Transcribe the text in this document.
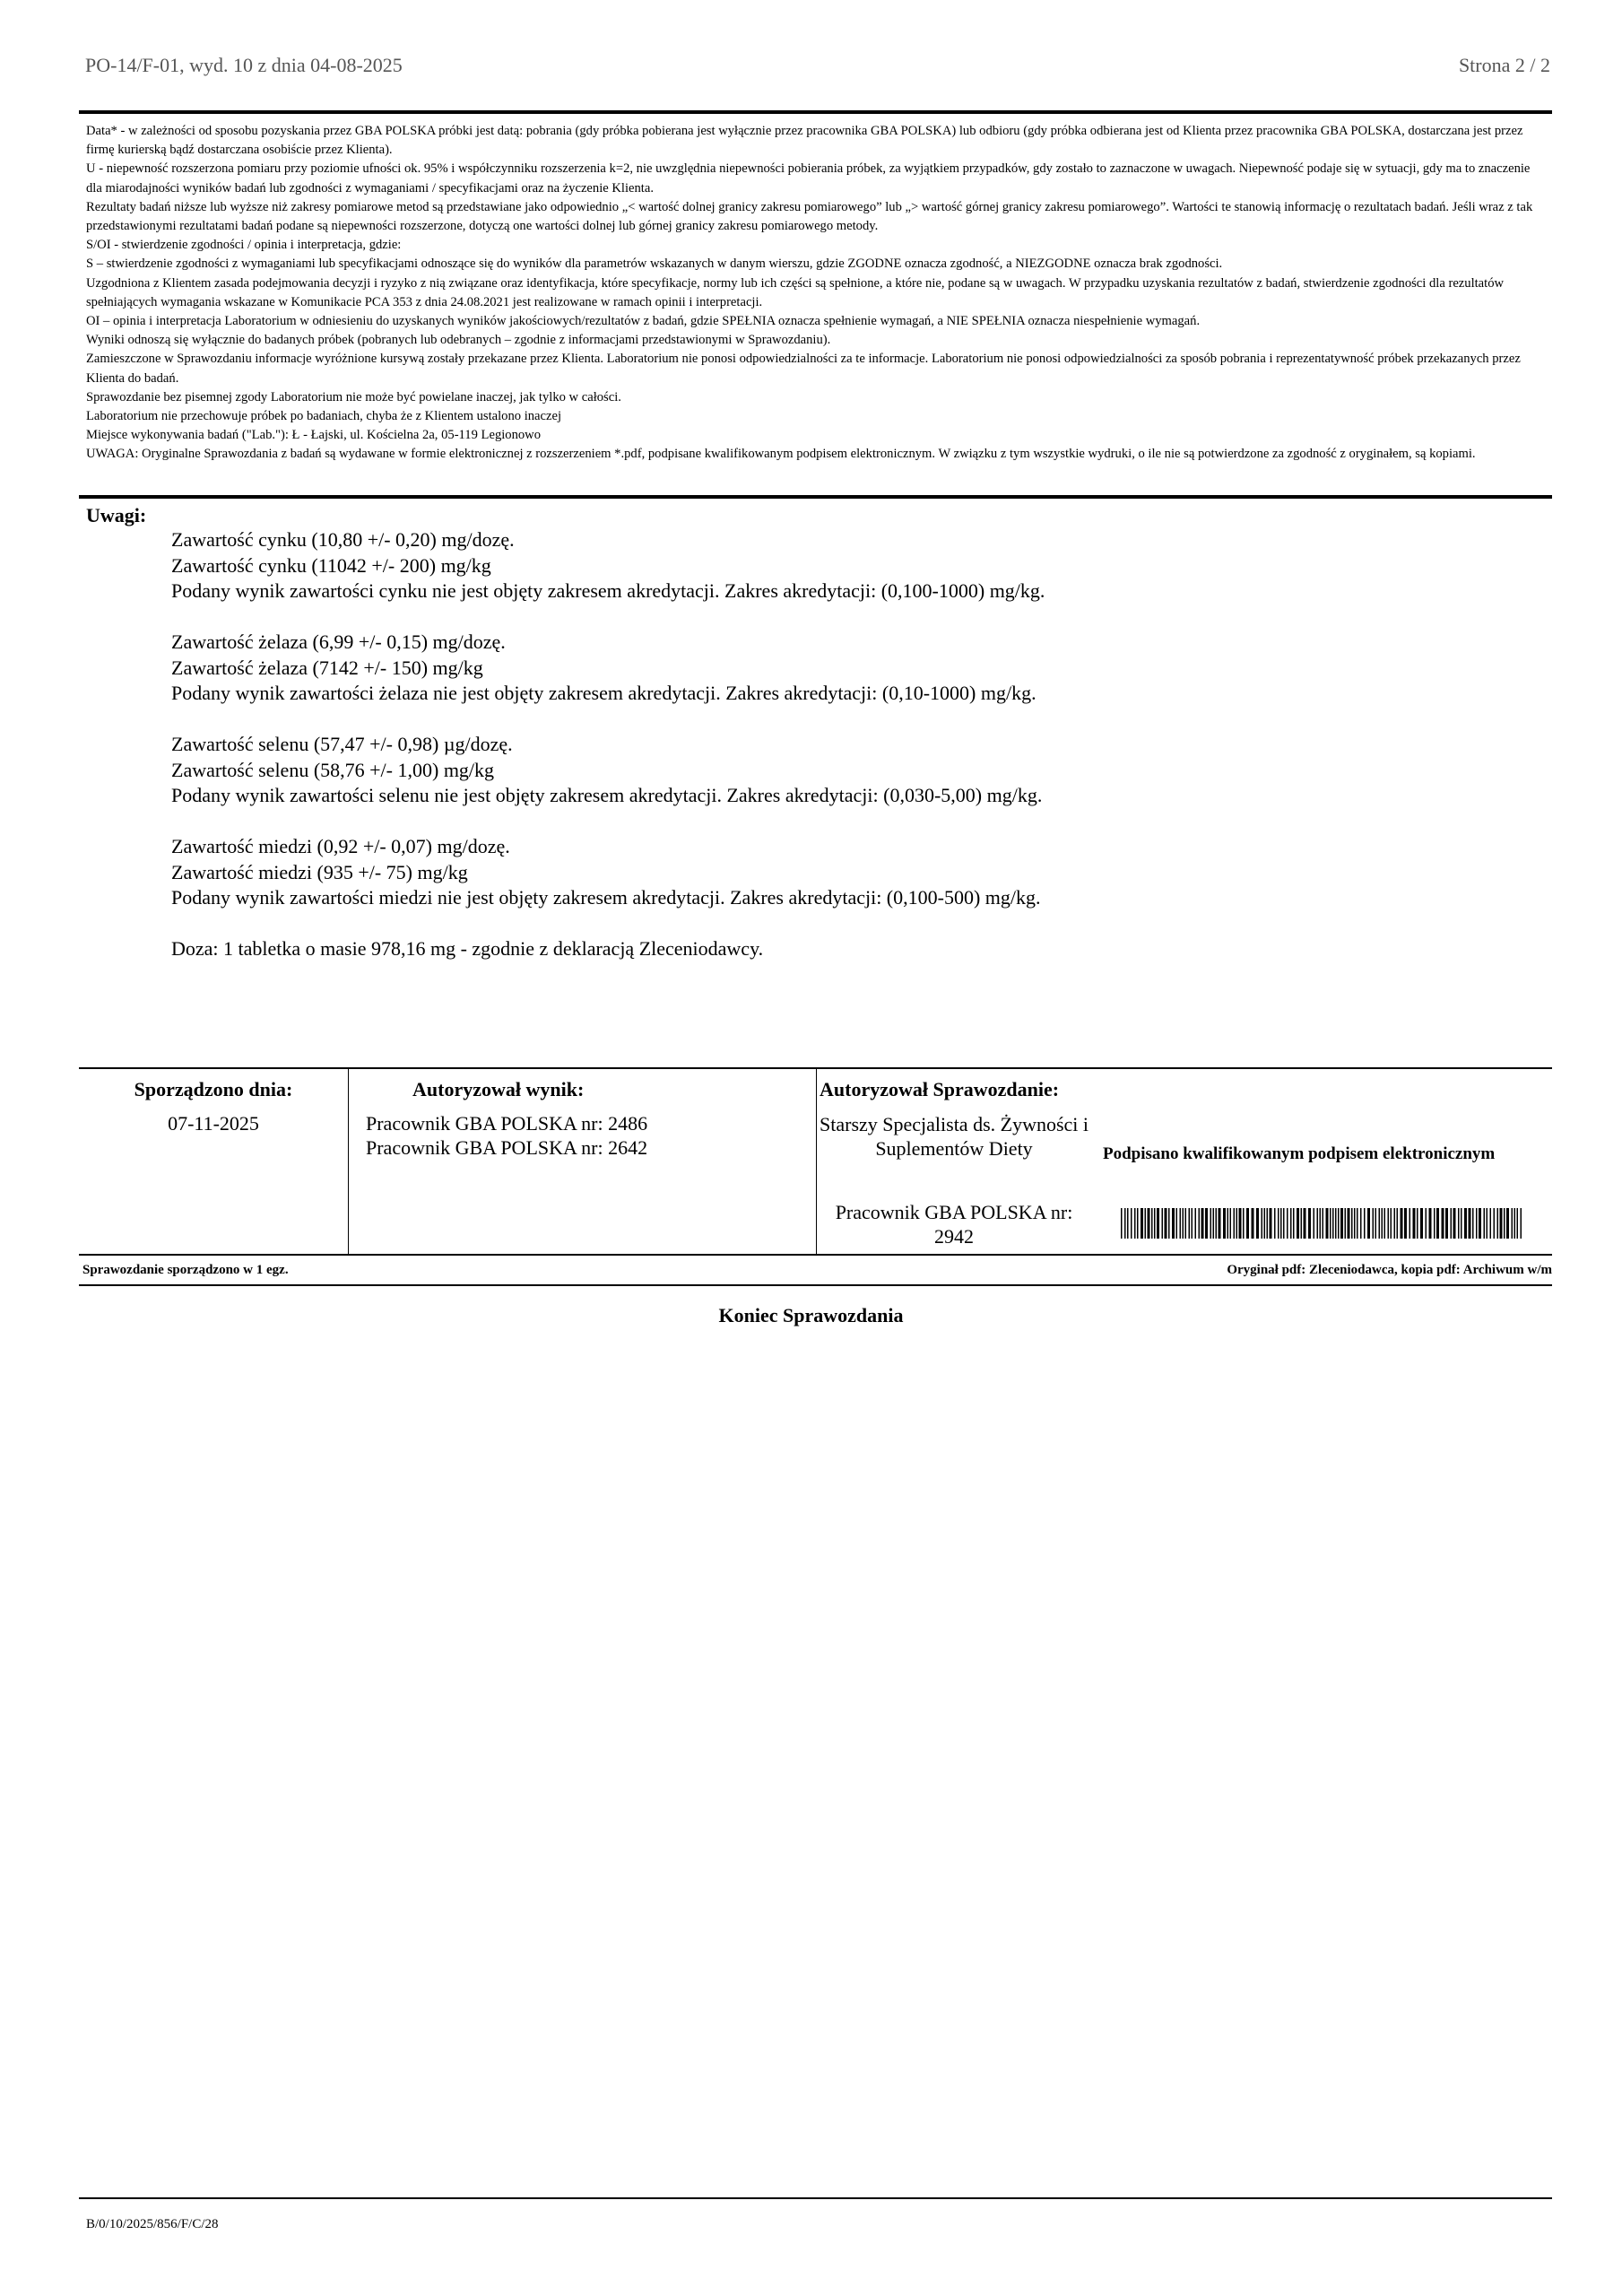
PO-14/F-01, wyd. 10 z dnia 04-08-2025	Strona 2 / 2
Data* - w zależności od sposobu pozyskania przez GBA POLSKA próbki jest datą: pobrania (gdy próbka pobierana jest wyłącznie przez pracownika GBA POLSKA) lub odbioru (gdy próbka odbierana jest od Klienta przez pracownika GBA POLSKA, dostarczana jest przez firmę kurierską bądź dostarczana osobiście przez Klienta).
U - niepewność rozszerzona pomiaru przy poziomie ufności ok. 95% i współczynniku rozszerzenia k=2, nie uwzględnia niepewności pobierania próbek, za wyjątkiem przypadków, gdy zostało to zaznaczone w uwagach. Niepewność podaje się w sytuacji, gdy ma to znaczenie dla miarodajności wyników badań lub zgodności z wymaganiami / specyfikacjami oraz na życzenie Klienta.
Rezultaty badań niższe lub wyższe niż zakresy pomiarowe metod są przedstawiane jako odpowiednio „< wartość dolnej granicy zakresu pomiarowego” lub „> wartość górnej granicy zakresu pomiarowego”. Wartości te stanowią informację o rezultatach badań. Jeśli wraz z tak przedstawionymi rezultatami badań podane są niepewności rozszerzone, dotyczą one wartości dolnej lub górnej granicy zakresu pomiarowego metody.
S/OI - stwierdzenie zgodności / opinia i interpretacja, gdzie:
S – stwierdzenie zgodności z wymaganiami lub specyfikacjami odnoszące się do wyników dla parametrów wskazanych w danym wierszu, gdzie ZGODNE oznacza zgodność, a NIEZGODNE oznacza brak zgodności.
Uzgodniona z Klientem zasada podejmowania decyzji i ryzyko z nią związane oraz identyfikacja, które specyfikacje, normy lub ich części są spełnione, a które nie, podane są w uwagach. W przypadku uzyskania rezultatów z badań, stwierdzenie zgodności dla rezultatów spełniających wymagania wskazane w Komunikacie PCA 353 z dnia 24.08.2021 jest realizowane w ramach opinii i interpretacji.
OI – opinia i interpretacja Laboratorium w odniesieniu do uzyskanych wyników jakościowych/rezultatów z badań, gdzie SPEŁNIA oznacza spełnienie wymagań, a NIE SPEŁNIA oznacza niespełnienie wymagań.
Wyniki odnoszą się wyłącznie do badanych próbek (pobranych lub odebranych – zgodnie z informacjami przedstawionymi w Sprawozdaniu).
Zamieszczone w Sprawozdaniu informacje wyróżnione kursywą zostały przekazane przez Klienta. Laboratorium nie ponosi odpowiedzialności za te informacje. Laboratorium nie ponosi odpowiedzialności za sposób pobrania i reprezentatywność próbek przekazanych przez Klienta do badań.
Sprawozdanie bez pisemnej zgody Laboratorium nie może być powielane inaczej, jak tylko w całości.
Laboratorium nie przechowuje próbek po badaniach, chyba że z Klientem ustalono inaczej
Miejsce wykonywania badań ("Lab."): Ł - Łajski, ul. Kościelna 2a, 05-119 Legionowo
UWAGA: Oryginalne Sprawozdania z badań są wydawane w formie elektronicznej z rozszerzeniem *.pdf, podpisane kwalifikowanym podpisem elektronicznym. W związku z tym wszystkie wydruki, o ile nie są potwierdzone za zgodność z oryginałem, są kopiami.
Uwagi:
Zawartość cynku (10,80 +/- 0,20) mg/dozę.
Zawartość cynku (11042 +/- 200) mg/kg
Podany wynik zawartości cynku nie jest objęty zakresem akredytacji. Zakres akredytacji: (0,100-1000) mg/kg.
Zawartość żelaza (6,99 +/- 0,15) mg/dozę.
Zawartość żelaza (7142 +/- 150) mg/kg
Podany wynik zawartości żelaza nie jest objęty zakresem akredytacji. Zakres akredytacji: (0,10-1000) mg/kg.
Zawartość selenu (57,47 +/- 0,98) µg/dozę.
Zawartość selenu (58,76 +/- 1,00) mg/kg
Podany wynik zawartości selenu nie jest objęty zakresem akredytacji. Zakres akredytacji: (0,030-5,00) mg/kg.
Zawartość miedzi (0,92 +/- 0,07) mg/dozę.
Zawartość miedzi (935 +/- 75) mg/kg
Podany wynik zawartości miedzi nie jest objęty zakresem akredytacji. Zakres akredytacji: (0,100-500) mg/kg.
Doza: 1 tabletka o masie 978,16 mg - zgodnie z deklaracją Zleceniodawcy.
Sporządzono dnia:
07-11-2025
Autoryzował wynik:
Pracownik GBA POLSKA nr: 2486
Pracownik GBA POLSKA nr: 2642
Autoryzował Sprawozdanie:
Starszy Specjalista ds. Żywności i Suplementów Diety
Pracownik GBA POLSKA nr: 2942
Podpisano kwalifikowanym podpisem elektronicznym
Sprawozdanie sporządzono w 1 egz.	Oryginał pdf: Zleceniodawca, kopia pdf: Archiwum w/m
Koniec Sprawozdania
B/0/10/2025/856/F/C/28
